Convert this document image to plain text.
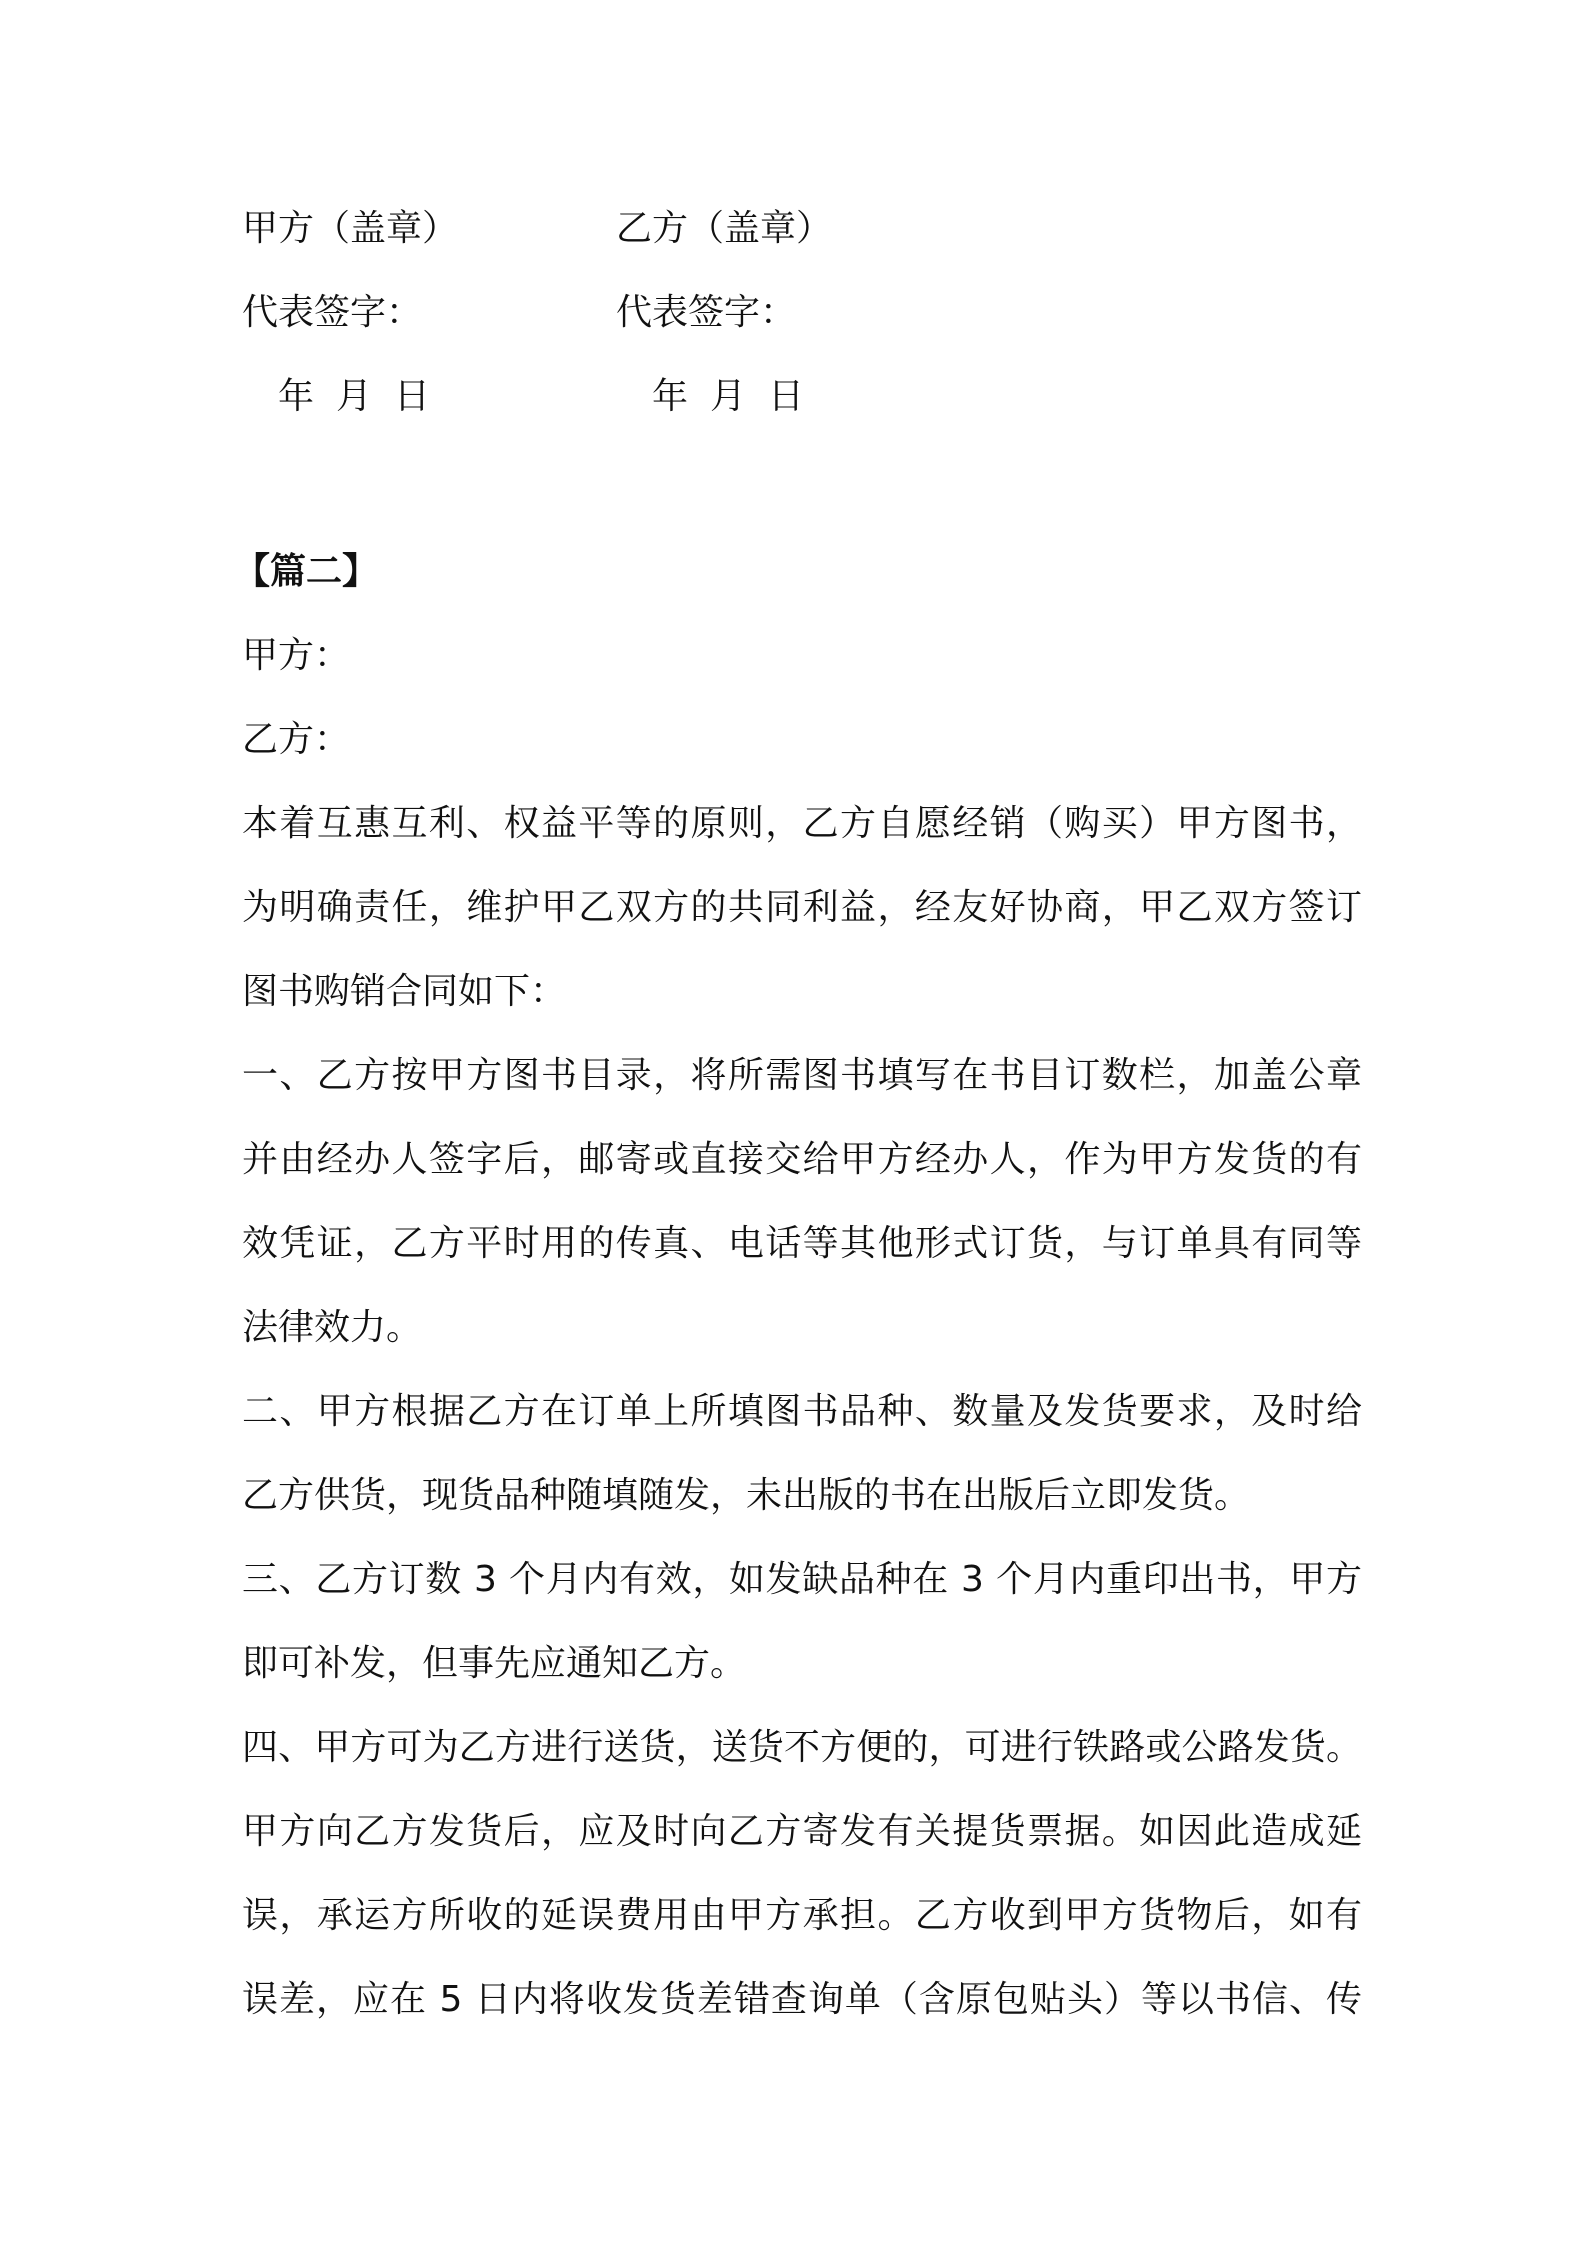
甲方（盖章）	乙方（盖章）
代表签字：	代表签字：
年 月 日	年 月 日
【篇二】
甲方：
乙方：
本着互惠互利、权益平等的原则，乙方自愿经销（购买）甲方图书，
为明确责任，维护甲乙双方的共同利益，经友好协商，甲乙双方签订
图书购销合同如下：
一、乙方按甲方图书目录，将所需图书填写在书目订数栏，加盖公章
并由经办人签字后，邮寄或直接交给甲方经办人，作为甲方发货的有
效凭证，乙方平时用的传真、电话等其他形式订货，与订单具有同等
法律效力。
二、甲方根据乙方在订单上所填图书品种、数量及发货要求，及时给
乙方供货，现货品种随填随发，未出版的书在出版后立即发货。
三、乙方订数 3 个月内有效，如发缺品种在 3 个月内重印出书，甲方
即可补发，但事先应通知乙方。
四、甲方可为乙方进行送货，送货不方便的，可进行铁路或公路发货。
甲方向乙方发货后，应及时向乙方寄发有关提货票据。如因此造成延
误，承运方所收的延误费用由甲方承担。乙方收到甲方货物后，如有
误差，应在 5 日内将收发货差错查询单（含原包贴头）等以书信、传
